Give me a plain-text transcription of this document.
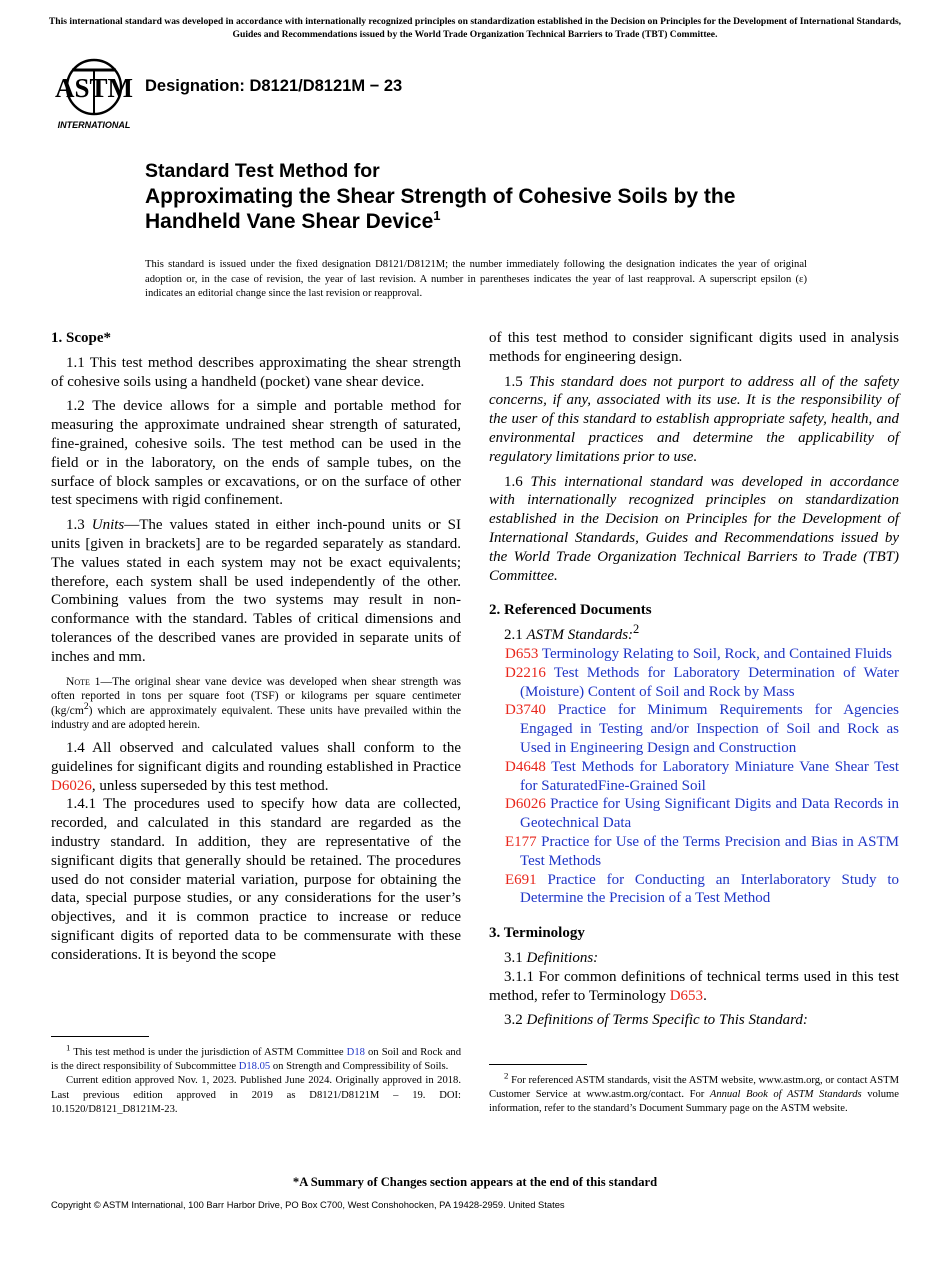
This international standard was developed in accordance with internationally recognized principles on standardization established in the Decision on Principles for the Development of International Standards, Guides and Recommendations issued by the World Trade Organization Technical Barriers to Trade (TBT) Committee.
ASTM
INTERNATIONAL
Designation: D8121/D8121M − 23
Standard Test Method for
Approximating the Shear Strength of Cohesive Soils by the
Handheld Vane Shear Device$^1$
This standard is issued under the fixed designation D8121/D8121M; the number immediately following the designation indicates the year of original adoption or, in the case of revision, the year of last revision. A number in parentheses indicates the year of last reapproval. A superscript epsilon (ε) indicates an editorial change since the last revision or reapproval.
1. Scope*

1.1 This test method describes approximating the shear strength of cohesive soils using a handheld (pocket) vane shear device.

1.2 The device allows for a simple and portable method for measuring the approximate undrained shear strength of saturated, fine-grained, cohesive soils. The test method can be used in the field or in the laboratory, on the ends of sample tubes, on the surface of block samples or excavations, or on the surface of other test specimens with rigid confinement.

1.3 Units—The values stated in either inch-pound units or SI units [given in brackets] are to be regarded separately as standard. The values stated in each system may not be exact equivalents; therefore, each system shall be used independently of the other. Combining values from the two systems may result in non-conformance with the standard. Tables of critical dimensions and tolerances of the described vanes are provided in separate units of inches and mm.

Note 1—The original shear vane device was developed when shear strength was often reported in tons per square foot (TSF) or kilograms per square centimeter $(kg/cm^2)$ which are approximately equivalent. These units have prevailed within the industry and are adopted herein.

1.4 All observed and calculated values shall conform to the guidelines for significant digits and rounding established in Practice D6026, unless superseded by this test method.

1.4.1 The procedures used to specify how data are collected, recorded, and calculated in this standard are regarded as the industry standard. In addition, they are representative of the significant digits that generally should be retained. The procedures used do not consider material variation, purpose for obtaining the data, special purpose studies, or any considerations for the user’s objectives, and it is common practice to increase or reduce significant digits of reported data to be commensurate with these considerations. It is beyond the scope

of this test method to consider significant digits used in analysis methods for engineering design.

1.5 This standard does not purport to address all of the safety concerns, if any, associated with its use. It is the responsibility of the user of this standard to establish appropriate safety, health, and environmental practices and determine the applicability of regulatory limitations prior to use.

1.6 This international standard was developed in accordance with internationally recognized principles on standardization established in the Decision on Principles for the Development of International Standards, Guides and Recommendations issued by the World Trade Organization Technical Barriers to Trade (TBT) Committee.

2. Referenced Documents

2.1 ASTM Standards:$^2$

D653 Terminology Relating to Soil, Rock, and Contained Fluids

D2216 Test Methods for Laboratory Determination of Water (Moisture) Content of Soil and Rock by Mass

D3740 Practice for Minimum Requirements for Agencies Engaged in Testing and/or Inspection of Soil and Rock as Used in Engineering Design and Construction

D4648 Test Methods for Laboratory Miniature Vane Shear Test for SaturatedFine-Grained Soil

D6026 Practice for Using Significant Digits and Data Records in Geotechnical Data

E177 Practice for Use of the Terms Precision and Bias in ASTM Test Methods

E691 Practice for Conducting an Interlaboratory Study to Determine the Precision of a Test Method

3. Terminology

3.1 Definitions:

3.1.1 For common definitions of technical terms used in this test method, refer to Terminology D653.

3.2 Definitions of Terms Specific to This Standard:

$^1$ This test method is under the jurisdiction of ASTM Committee D18 on Soil and Rock and is the direct responsibility of Subcommittee D18.05 on Strength and Compressibility of Soils.

Current edition approved Nov. 1, 2023. Published June 2024. Originally approved in 2018. Last previous edition approved in 2019 as D8121/D8121M – 19. DOI: 10.1520/D8121_D8121M-23.

$^2$ For referenced ASTM standards, visit the ASTM website, www.astm.org, or contact ASTM Customer Service at www.astm.org/contact. For Annual Book of ASTM Standards volume information, refer to the standard’s Document Summary page on the ASTM website.

*A Summary of Changes section appears at the end of this standard
Copyright © ASTM International, 100 Barr Harbor Drive, PO Box C700, West Conshohocken, PA 19428-2959. United States
